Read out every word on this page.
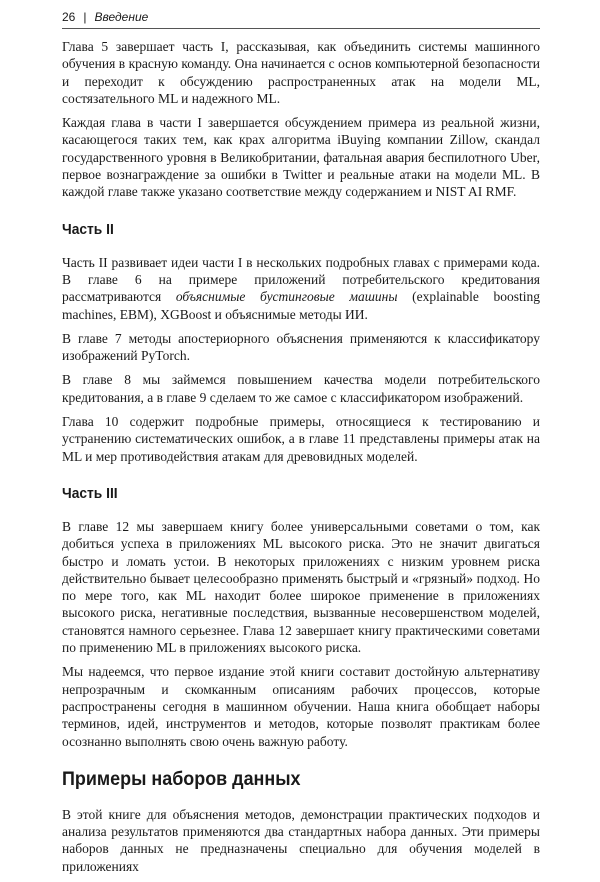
26 | Введение

Глава 5 завершает часть I, рассказывая, как объединить системы машинного обучения в красную команду. Она начинается с основ компьютерной безопасности и переходит к обсуждению распространенных атак на модели ML, состязательного ML и надежного ML.

Каждая глава в части I завершается обсуждением примера из реальной жизни, касающегося таких тем, как крах алгоритма iBuying компании Zillow, скандал государственного уровня в Великобритании, фатальная авария беспилотного Uber, первое вознаграждение за ошибки в Twitter и реальные атаки на модели ML. В каждой главе также указано соответствие между содержанием и NIST AI RMF.

Часть II

Часть II развивает идеи части I в нескольких подробных главах с примерами кода. В главе 6 на примере приложений потребительского кредитования рассматриваются объяснимые бустинговые машины (explainable boosting machines, EBM), XGBoost и объяснимые методы ИИ.

В главе 7 методы апостериорного объяснения применяются к классификатору изображений PyTorch.

В главе 8 мы займемся повышением качества модели потребительского кредитования, а в главе 9 сделаем то же самое с классификатором изображений.

Глава 10 содержит подробные примеры, относящиеся к тестированию и устранению систематических ошибок, а в главе 11 представлены примеры атак на ML и мер противодействия атакам для древовидных моделей.

Часть III

В главе 12 мы завершаем книгу более универсальными советами о том, как добиться успеха в приложениях ML высокого риска. Это не значит двигаться быстро и ломать устои. В некоторых приложениях с низким уровнем риска действительно бывает целесообразно применять быстрый и «грязный» подход. Но по мере того, как ML находит более широкое применение в приложениях высокого риска, негативные последствия, вызванные несовершенством моделей, становятся намного серьезнее. Глава 12 завершает книгу практическими советами по применению ML в приложениях высокого риска.

Мы надеемся, что первое издание этой книги составит достойную альтернативу непрозрачным и скомканным описаниям рабочих процессов, которые распространены сегодня в машинном обучении. Наша книга обобщает наборы терминов, идей, инструментов и методов, которые позволят практикам более осознанно выполнять свою очень важную работу.

Примеры наборов данных

В этой книге для объяснения методов, демонстрации практических подходов и анализа результатов применяются два стандартных набора данных. Эти примеры наборов данных не предназначены специально для обучения моделей в приложениях
